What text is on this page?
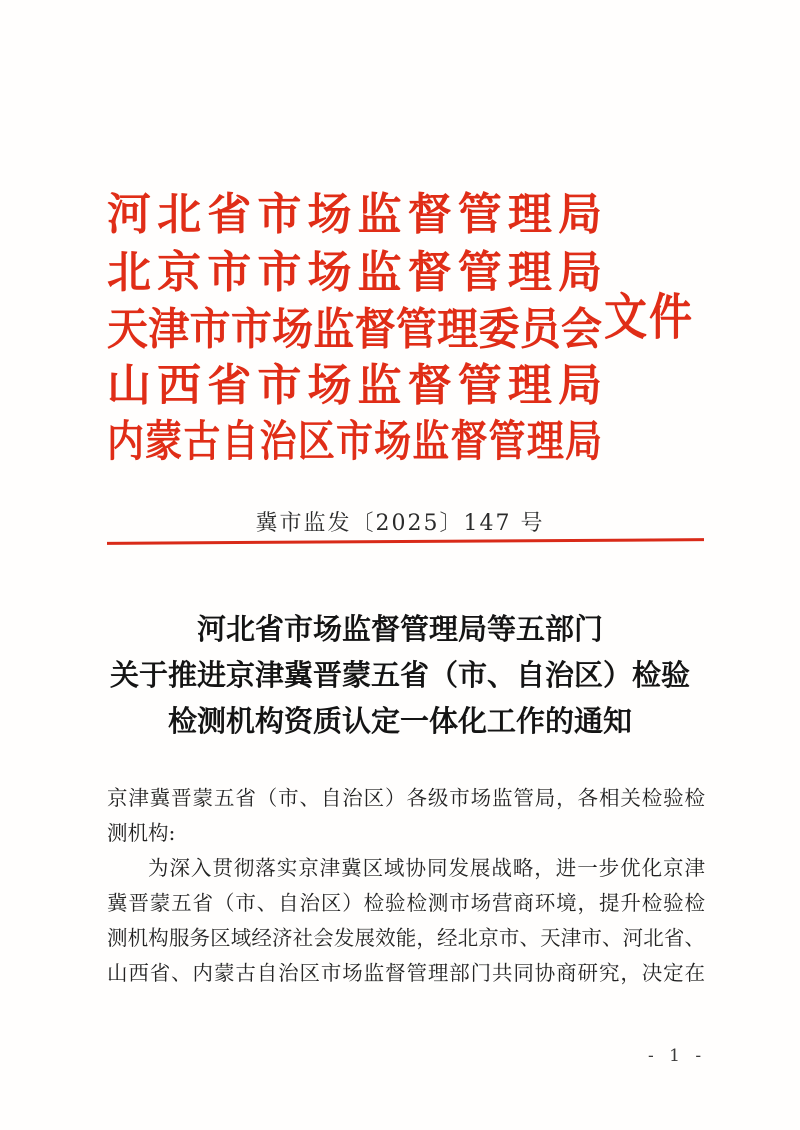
河北省市场监督管理局
北京市市场监督管理局
天津市市场监督管理委员会
山西省市场监督管理局
内蒙古自治区市场监督管理局
文件
冀市监发〔2025〕147 号
河北省市场监督管理局等五部门
关于推进京津冀晋蒙五省（市、自治区）检验
检测机构资质认定一体化工作的通知
京津冀晋蒙五省（市、自治区）各级市场监管局，各相关检验检
测机构:
为深入贯彻落实京津冀区域协同发展战略，进一步优化京津
冀晋蒙五省（市、自治区）检验检测市场营商环境，提升检验检
测机构服务区域经济社会发展效能，经北京市、天津市、河北省、
山西省、内蒙古自治区市场监督管理部门共同协商研究，决定在
- 1 -
